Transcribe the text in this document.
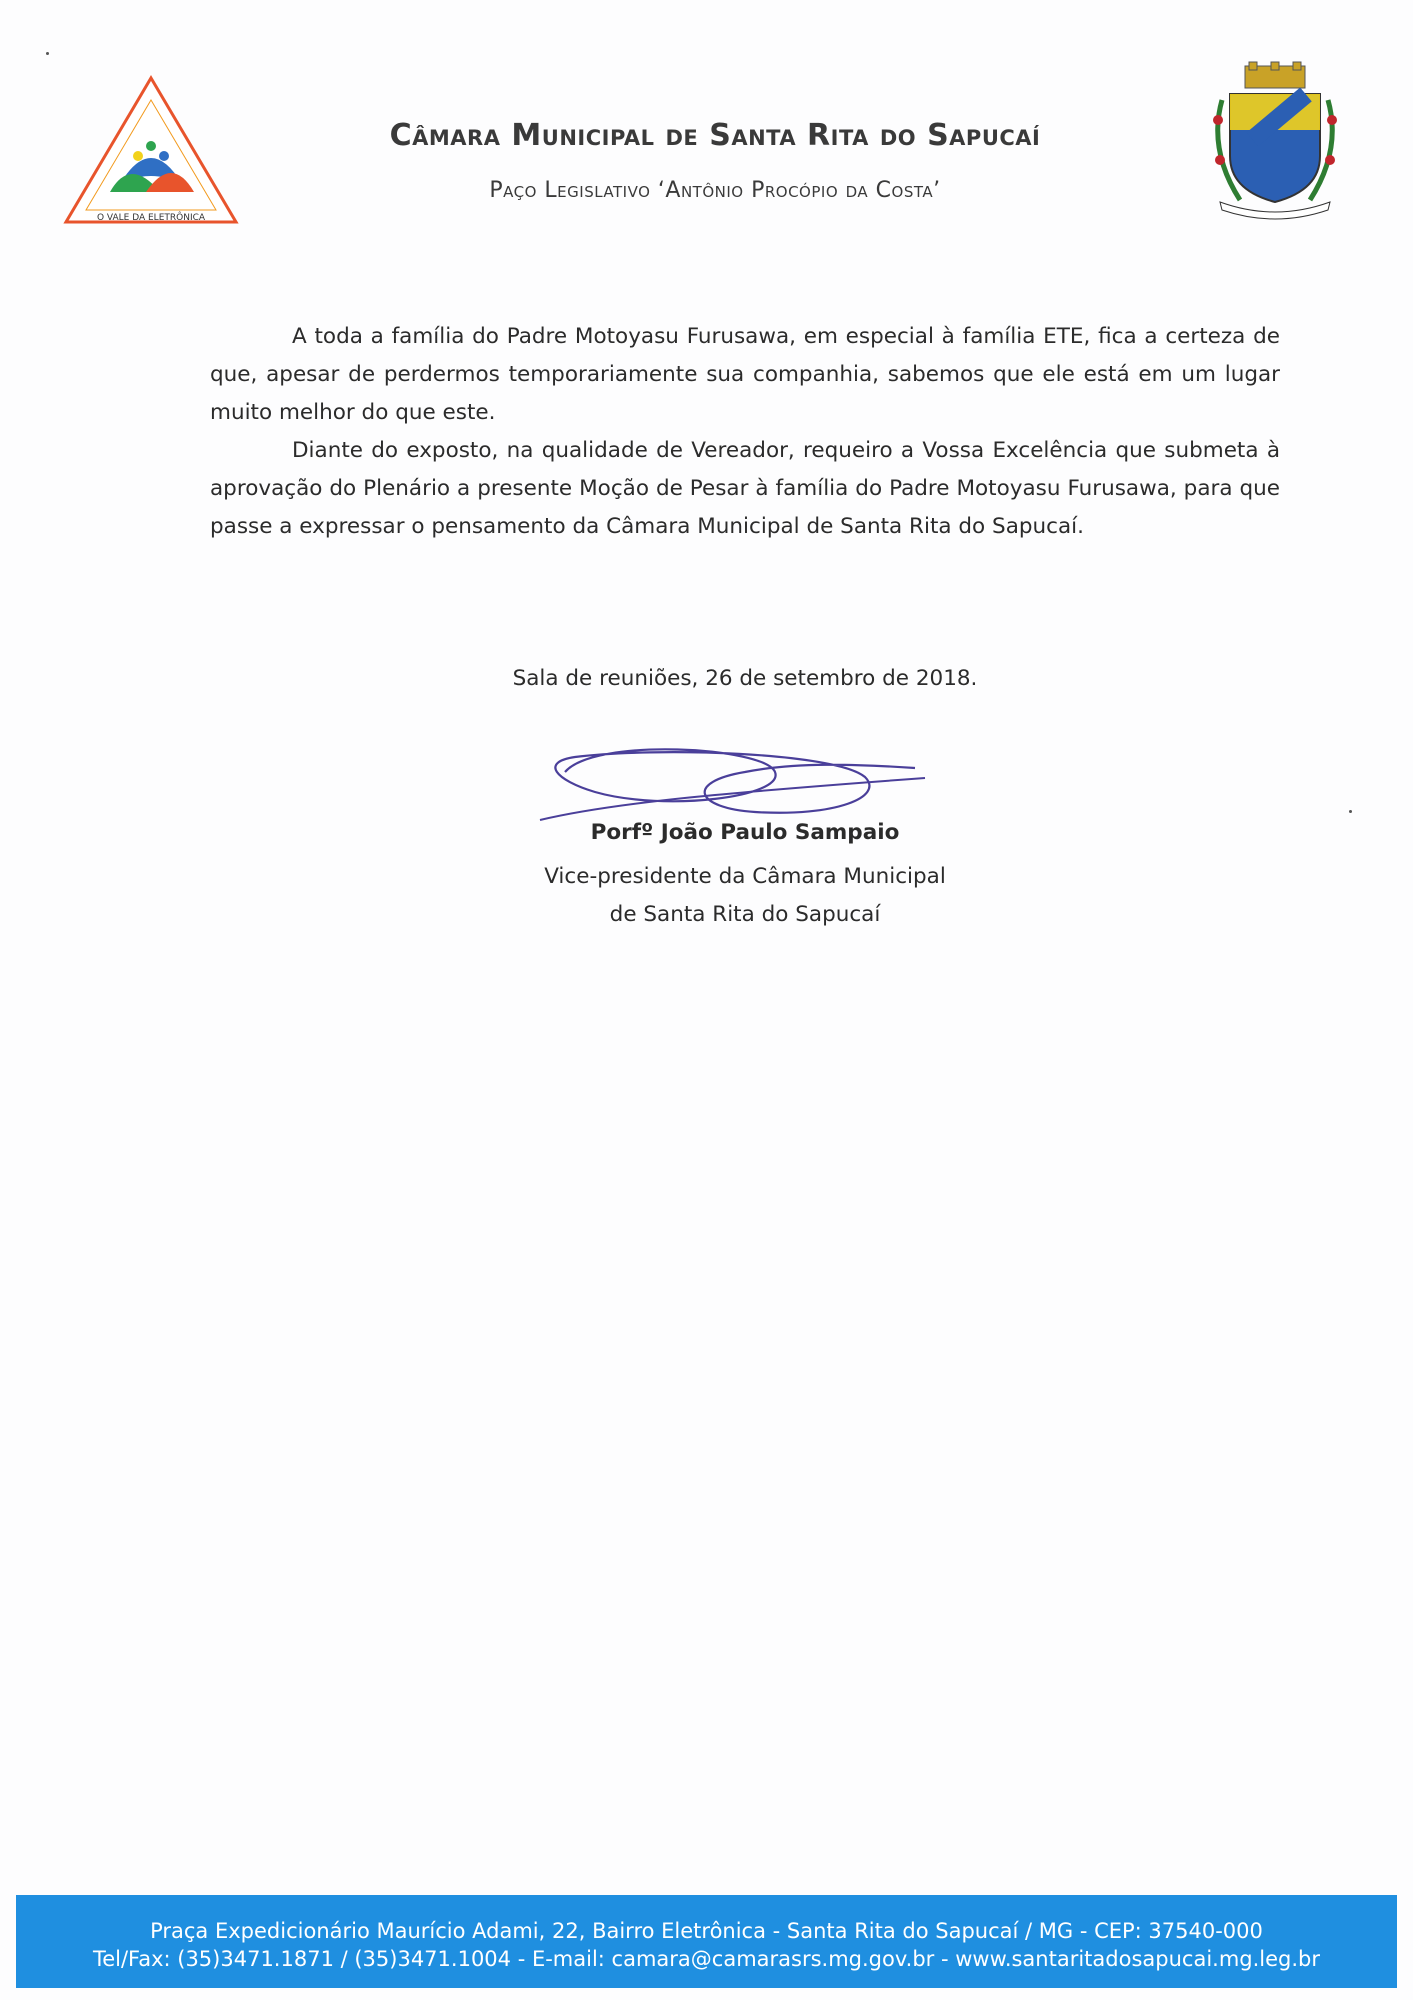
O VALE DA ELETRÔNICA
Câmara Municipal de Santa Rita do Sapucaí
Paço Legislativo ‘Antônio Procópio da Costa’

A toda a família do Padre Motoyasu Furusawa, em especial à família ETE, fica a certeza de que, apesar de perdermos temporariamente sua companhia, sabemos que ele está em um lugar muito melhor do que este.

Diante do exposto, na qualidade de Vereador, requeiro a Vossa Excelência que submeta à aprovação do Plenário a presente Moção de Pesar à família do Padre Motoyasu Furusawa, para que passe a expressar o pensamento da Câmara Municipal de Santa Rita do Sapucaí.

Sala de reuniões, 26 de setembro de 2018.
Porfº João Paulo Sampaio
Vice-presidente da Câmara Municipal
de Santa Rita do Sapucaí
Praça Expedicionário Maurício Adami, 22, Bairro Eletrônica - Santa Rita do Sapucaí / MG - CEP: 37540-000
Tel/Fax: (35)3471.1871 / (35)3471.1004 - E-mail: camara@camarasrs.mg.gov.br - www.santaritadosapucai.mg.leg.br
